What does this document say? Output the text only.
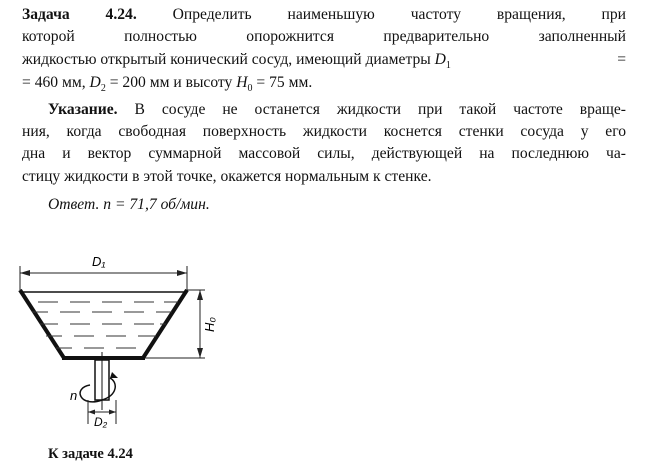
Задача 4.24. Определить наименьшую частоту вращения, при
которой полностью опорожнится предварительно заполненный
жидкостью открытый конический сосуд, имеющий диаметры $D_1$	=
= 460 мм, $D_2 = 200$ мм и высоту $H_0 = 75$ мм.
Указание. В сосуде не останется жидкости при такой частоте враще-
ния, когда свободная поверхность жидкости коснется стенки сосуда у его
дна и вектор суммарной массовой силы, действующей на последнюю ча-
стицу жидкости в этой точке, окажется нормальным к стенке.
Ответ. n = 71,7 об/мин.
D₁
H₀
n
D₂
К задаче 4.24
